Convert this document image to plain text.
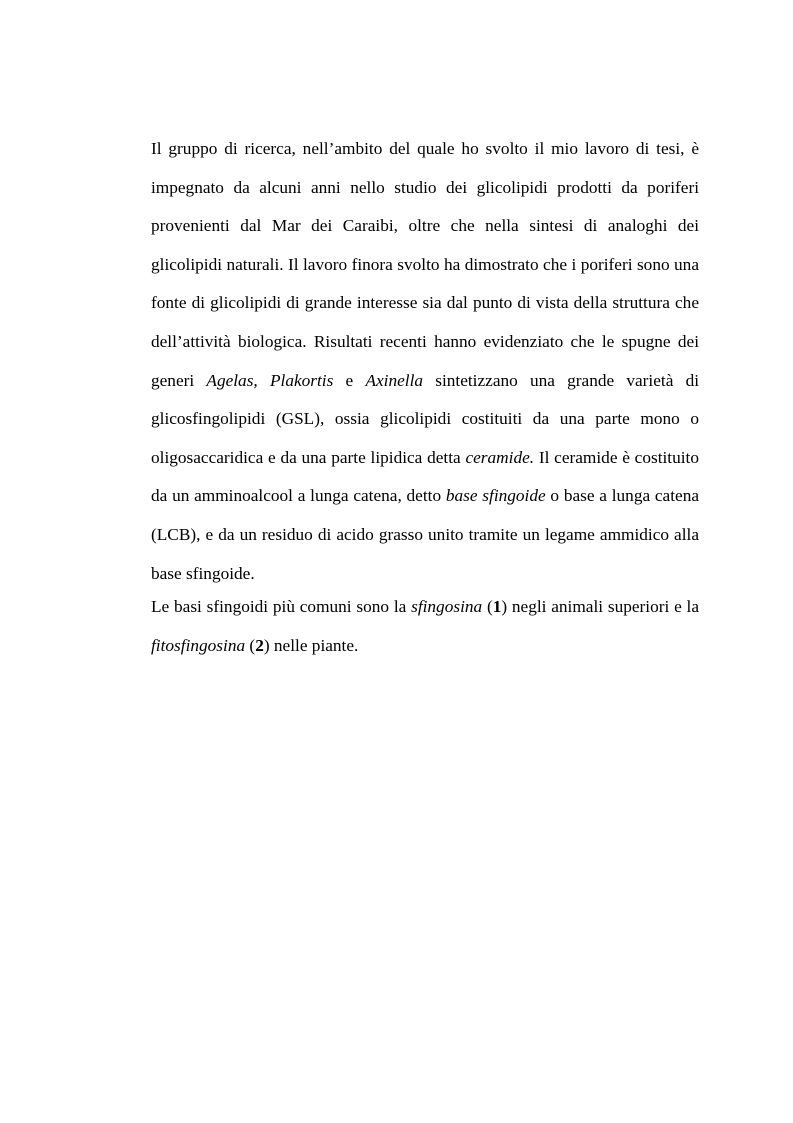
Il gruppo di ricerca, nell’ambito del quale ho svolto il mio lavoro di tesi, è impegnato da alcuni anni nello studio dei glicolipidi prodotti da poriferi provenienti dal Mar dei Caraibi, oltre che nella sintesi di analoghi dei glicolipidi naturali. Il lavoro finora svolto ha dimostrato che i poriferi sono una fonte di glicolipidi di grande interesse sia dal punto di vista della struttura che dell’attività biologica. Risultati recenti hanno evidenziato che le spugne dei generi Agelas, Plakortis e Axinella sintetizzano una grande varietà di glicosfingolipidi (GSL), ossia glicolipidi costituiti da una parte mono o oligosaccaridica e da una parte lipidica detta ceramide. Il ceramide è costituito da un amminoalcool a lunga catena, detto base sfingoide o base a lunga catena (LCB), e da un residuo di acido grasso unito tramite un legame ammidico alla base sfingoide.

Le basi sfingoidi più comuni sono la sfingosina (1) negli animali superiori e la fitosfingosina (2) nelle piante.
